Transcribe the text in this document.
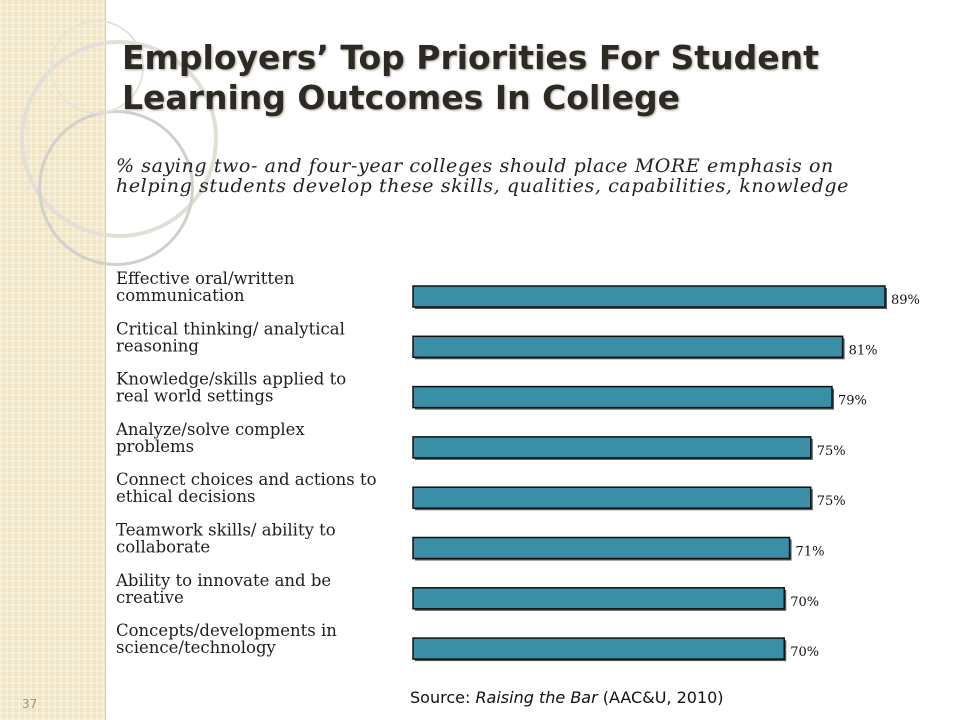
Employers’ Top Priorities For Student Learning Outcomes In College

% saying two- and four-year colleges should place MORE emphasis on helping students develop these skills, qualities, capabilities, knowledge

89%
Effective oral/written
communication
81%
Critical thinking/ analytical
reasoning
79%
Knowledge/skills applied to
real world settings
75%
Analyze/solve complex
problems
75%
Connect choices and actions to
ethical decisions
71%
Teamwork skills/ ability to
collaborate
70%
Ability to innovate and be
creative
70%
Concepts/developments in
science/technology
Source: Raising the Bar (AAC&U, 2010)
37
